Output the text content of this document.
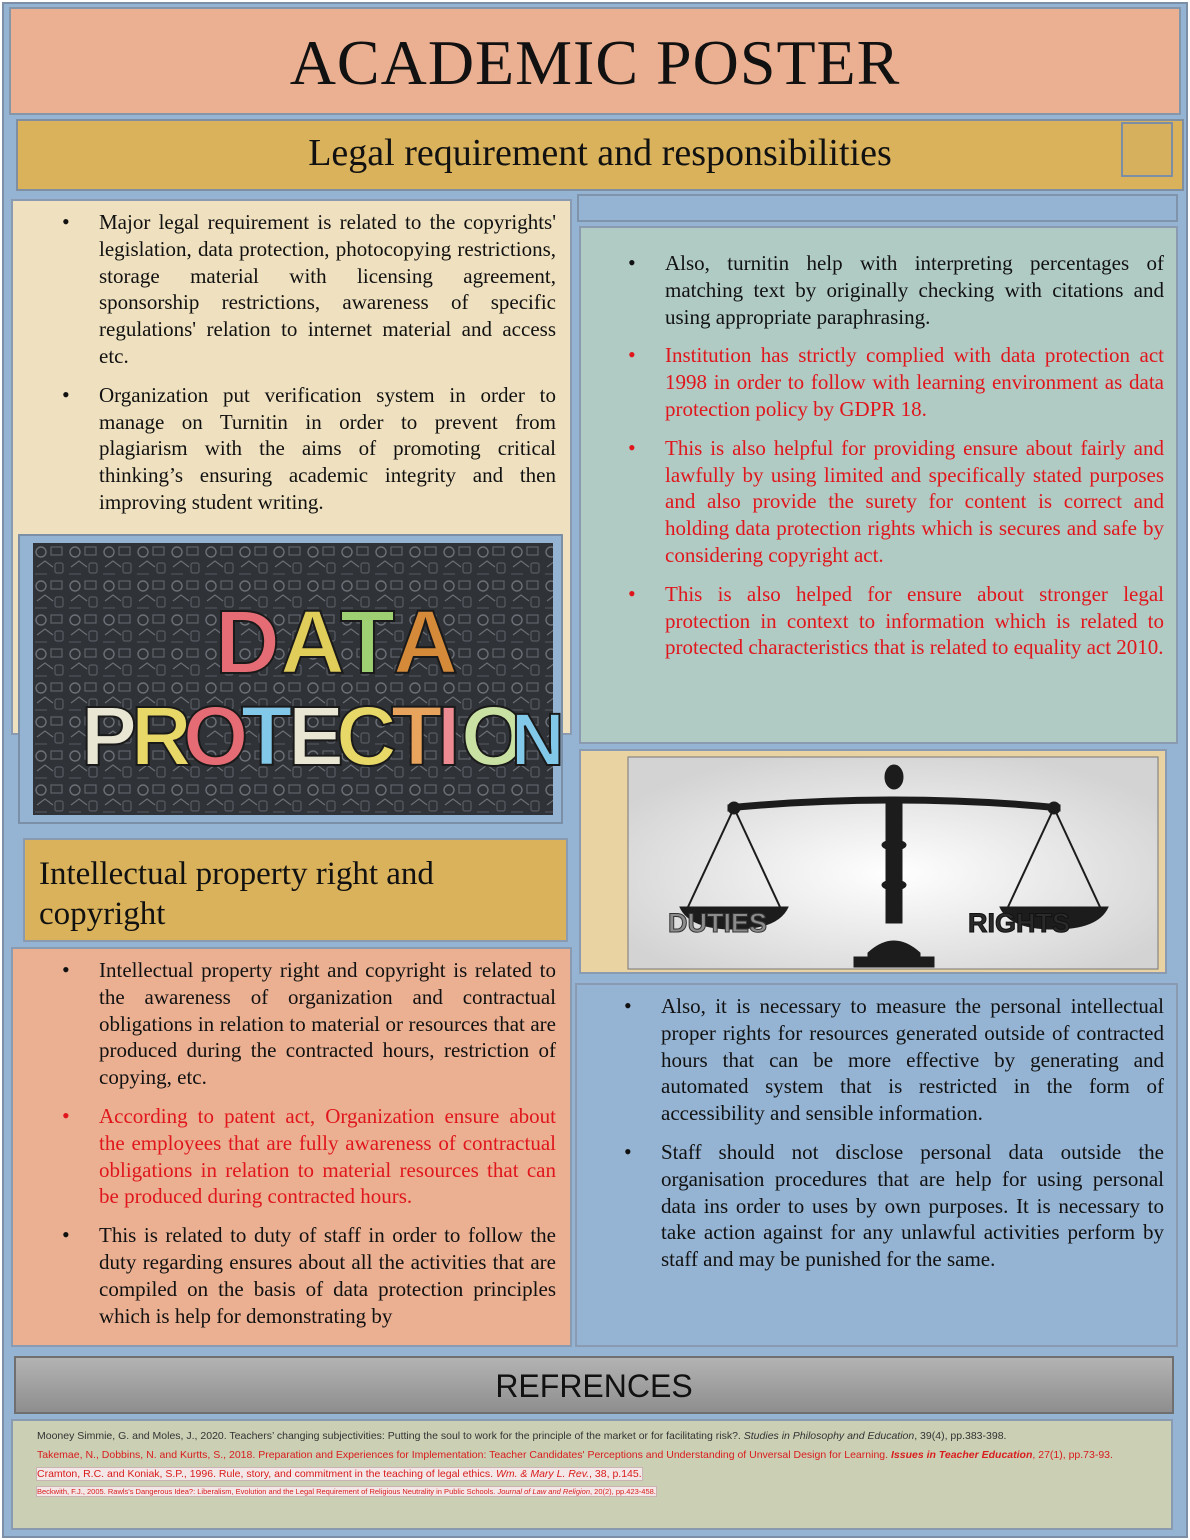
ACADEMIC POSTER
Legal requirement and responsibilities
• Major legal requirement is related to the copyrights' legislation, data protection, photocopying restrictions, storage material with licensing agreement, sponsorship restrictions, awareness of specific regulations' relation to internet material and access etc.
• Organization put verification system in order to manage on Turnitin in order to prevent from plagiarism with the aims of promoting critical thinking’s ensuring academic integrity and then improving student writing.
• Also, turnitin help with interpreting percentages of matching text by originally checking with citations and using appropriate paraphrasing.
• Institution has strictly complied with data protection act 1998 in order to follow with learning environment as data protection policy by GDPR 18.
• This is also helpful for providing ensure about fairly and lawfully by using limited and specifically stated purposes and also provide the surety for content is correct and holding data protection rights which is secures and safe by considering copyright act.
• This is also helped for ensure about stronger legal protection in context to information which is related to protected characteristics that is related to equality act 2010.
D A
T
A
P
R
O
T
E
C
T
I O
N
DUTIES	RIGHTS
Intellectual property right and copyright
• Intellectual property right and copyright is related to the awareness of organization and contractual obligations in relation to material or resources that are produced during the contracted hours, restriction of copying, etc.
• According to patent act, Organization ensure about the employees that are fully awareness of contractual obligations in relation to material resources that can be produced during contracted hours.
• This is related to duty of staff in order to follow the duty regarding ensures about all the activities that are compiled on the basis of data protection principles which is help for demonstrating by
• Also, it is necessary to measure the personal intellectual proper rights for resources generated outside of contracted hours that can be more effective by generating and automated system that is restricted in the form of accessibility and sensible information.
• Staff should not disclose personal data outside the organisation procedures that are help for using personal data ins order to uses by own purposes. It is necessary to take action against for any unlawful activities perform by staff and may be punished for the same.
REFRENCES
Mooney Simmie, G. and Moles, J., 2020. Teachers’ changing subjectivities: Putting the soul to work for the principle of the market or for facilitating risk?. Studies in Philosophy and Education, 39(4), pp.383-398.
Takemae, N., Dobbins, N. and Kurtts, S., 2018. Preparation and Experiences for Implementation: Teacher Candidates' Perceptions and Understanding of Unversal Design for Learning. Issues in Teacher Education, 27(1), pp.73-93.
Cramton, R.C. and Koniak, S.P., 1996. Rule, story, and commitment in the teaching of legal ethics. Wm. & Mary L. Rev., 38, p.145.
Beckwith, F.J., 2005. Rawls's Dangerous Idea?: Liberalism, Evolution and the Legal Requirement of Religious Neutrality in Public Schools. Journal of Law and Religion, 20(2), pp.423-458.
